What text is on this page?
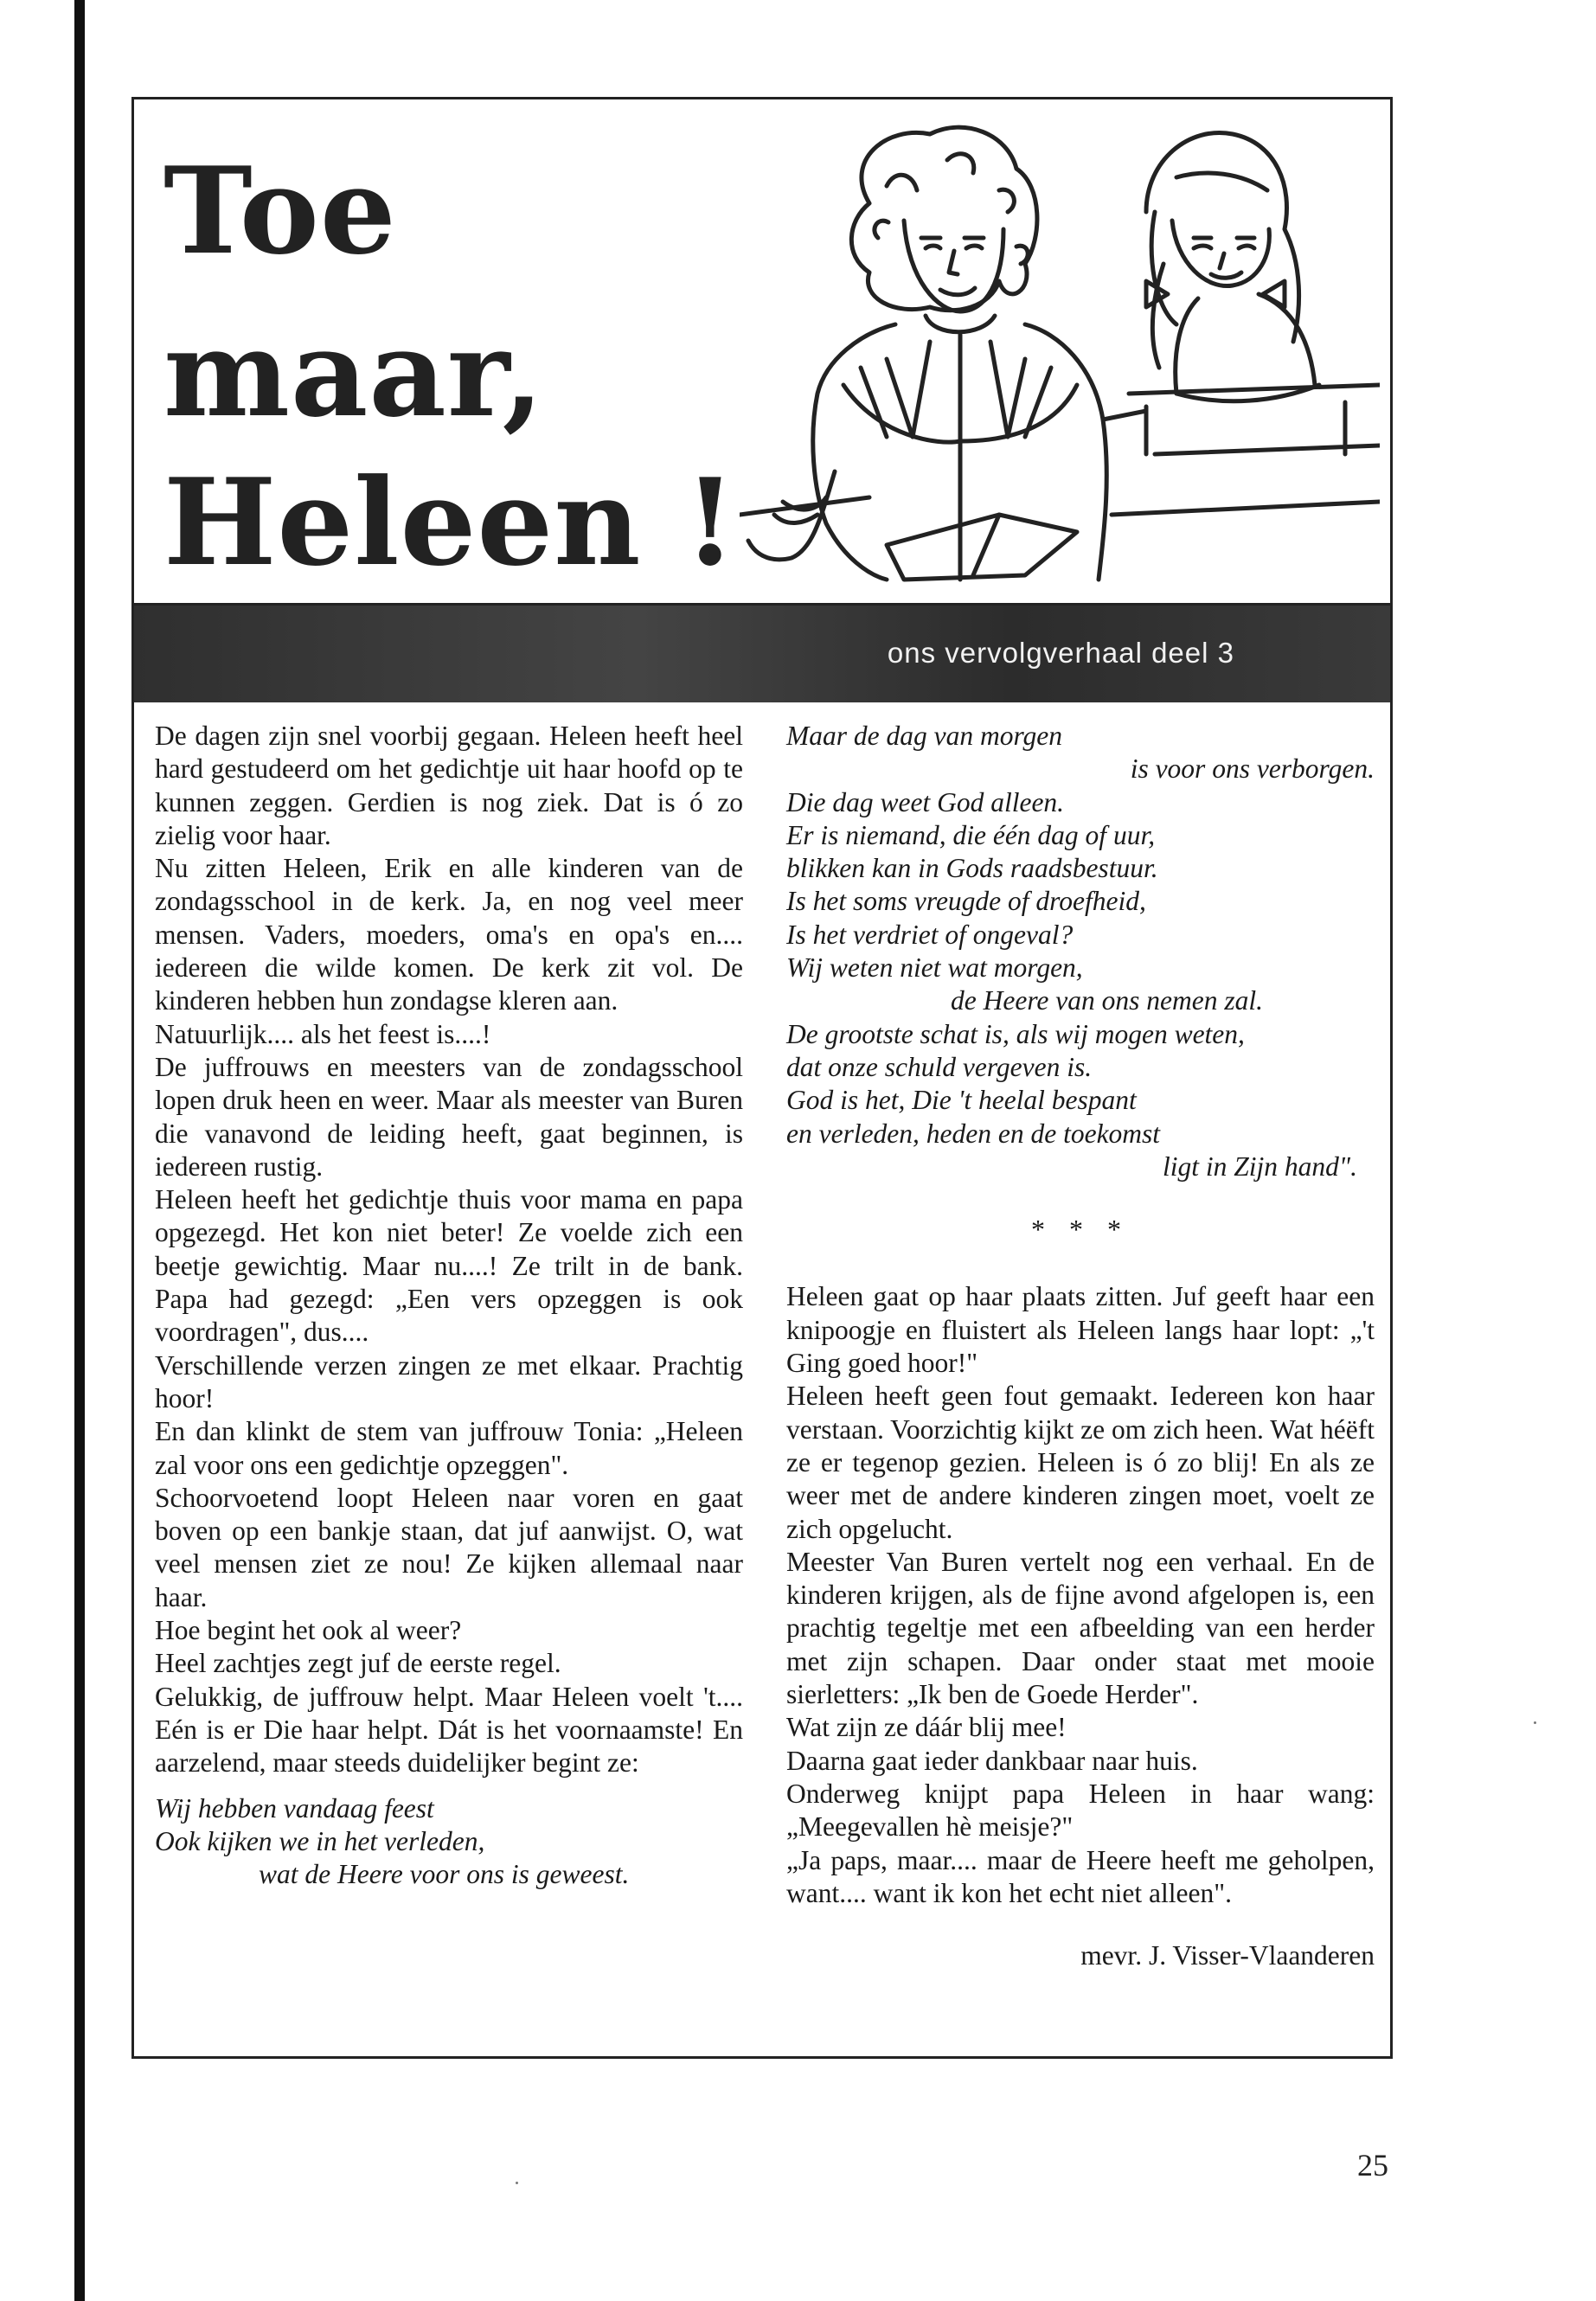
Toe
maar,
Heleen !
ons vervolgverhaal deel 3

De dagen zijn snel voorbij gegaan. Heleen heeft heel hard gestudeerd om het gedichtje uit haar hoofd op te kunnen zeggen. Gerdien is nog ziek. Dat is ó zo zielig voor haar.

Nu zitten Heleen, Erik en alle kinderen van de zondagsschool in de kerk. Ja, en nog veel meer mensen. Vaders, moeders, oma's en opa's en.... iedereen die wilde komen. De kerk zit vol. De kinderen hebben hun zondagse kleren aan.

Natuurlijk.... als het feest is....!

De juffrouws en meesters van de zondagsschool lopen druk heen en weer. Maar als meester van Buren die vanavond de leiding heeft, gaat beginnen, is iedereen rustig.

Heleen heeft het gedichtje thuis voor mama en papa opgezegd. Het kon niet beter! Ze voelde zich een beetje gewichtig. Maar nu....! Ze trilt in de bank. Papa had gezegd: „Een vers opzeggen is ook voordragen", dus....

Verschillende verzen zingen ze met elkaar. Prachtig hoor!

En dan klinkt de stem van juffrouw Tonia: „Heleen zal voor ons een gedichtje opzeggen".

Schoorvoetend loopt Heleen naar voren en gaat boven op een bankje staan, dat juf aanwijst. O, wat veel mensen ziet ze nou! Ze kijken allemaal naar haar.

Hoe begint het ook al weer?

Heel zachtjes zegt juf de eerste regel.

Gelukkig, de juffrouw helpt. Maar Heleen voelt 't.... Eén is er Die haar helpt. Dát is het voornaamste! En aarzelend, maar steeds duidelijker begint ze:

Wij hebben vandaag feest
Ook kijken we in het verleden,
wat de Heere voor ons is geweest.
Maar de dag van morgen
is voor ons verborgen.
Die dag weet God alleen.
Er is niemand, die één dag of uur,
blikken kan in Gods raadsbestuur.
Is het soms vreugde of droefheid,
Is het verdriet of ongeval?
Wij weten niet wat morgen,
de Heere van ons nemen zal.
De grootste schat is, als wij mogen weten,
dat onze schuld vergeven is.
God is het, Die 't heelal bespant
en verleden, heden en de toekomst
ligt in Zijn hand".
* * *

Heleen gaat op haar plaats zitten. Juf geeft haar een knipoogje en fluistert als Heleen langs haar lopt: „'t Ging goed hoor!"

Heleen heeft geen fout gemaakt. Iedereen kon haar verstaan. Voorzichtig kijkt ze om zich heen. Wat héëft ze er tegenop gezien. Heleen is ó zo blij! En als ze weer met de andere kinderen zingen moet, voelt ze zich opgelucht.

Meester Van Buren vertelt nog een verhaal. En de kinderen krijgen, als de fijne avond afgelopen is, een prachtig tegeltje met een afbeelding van een herder met zijn schapen. Daar onder staat met mooie sierletters: „Ik ben de Goede Herder".

Wat zijn ze dáár blij mee!

Daarna gaat ieder dankbaar naar huis.

Onderweg knijpt papa Heleen in haar wang: „Meegevallen hè meisje?"

„Ja paps, maar.... maar de Heere heeft me geholpen, want.... want ik kon het echt niet alleen".

mevr. J. Visser-Vlaanderen
25
